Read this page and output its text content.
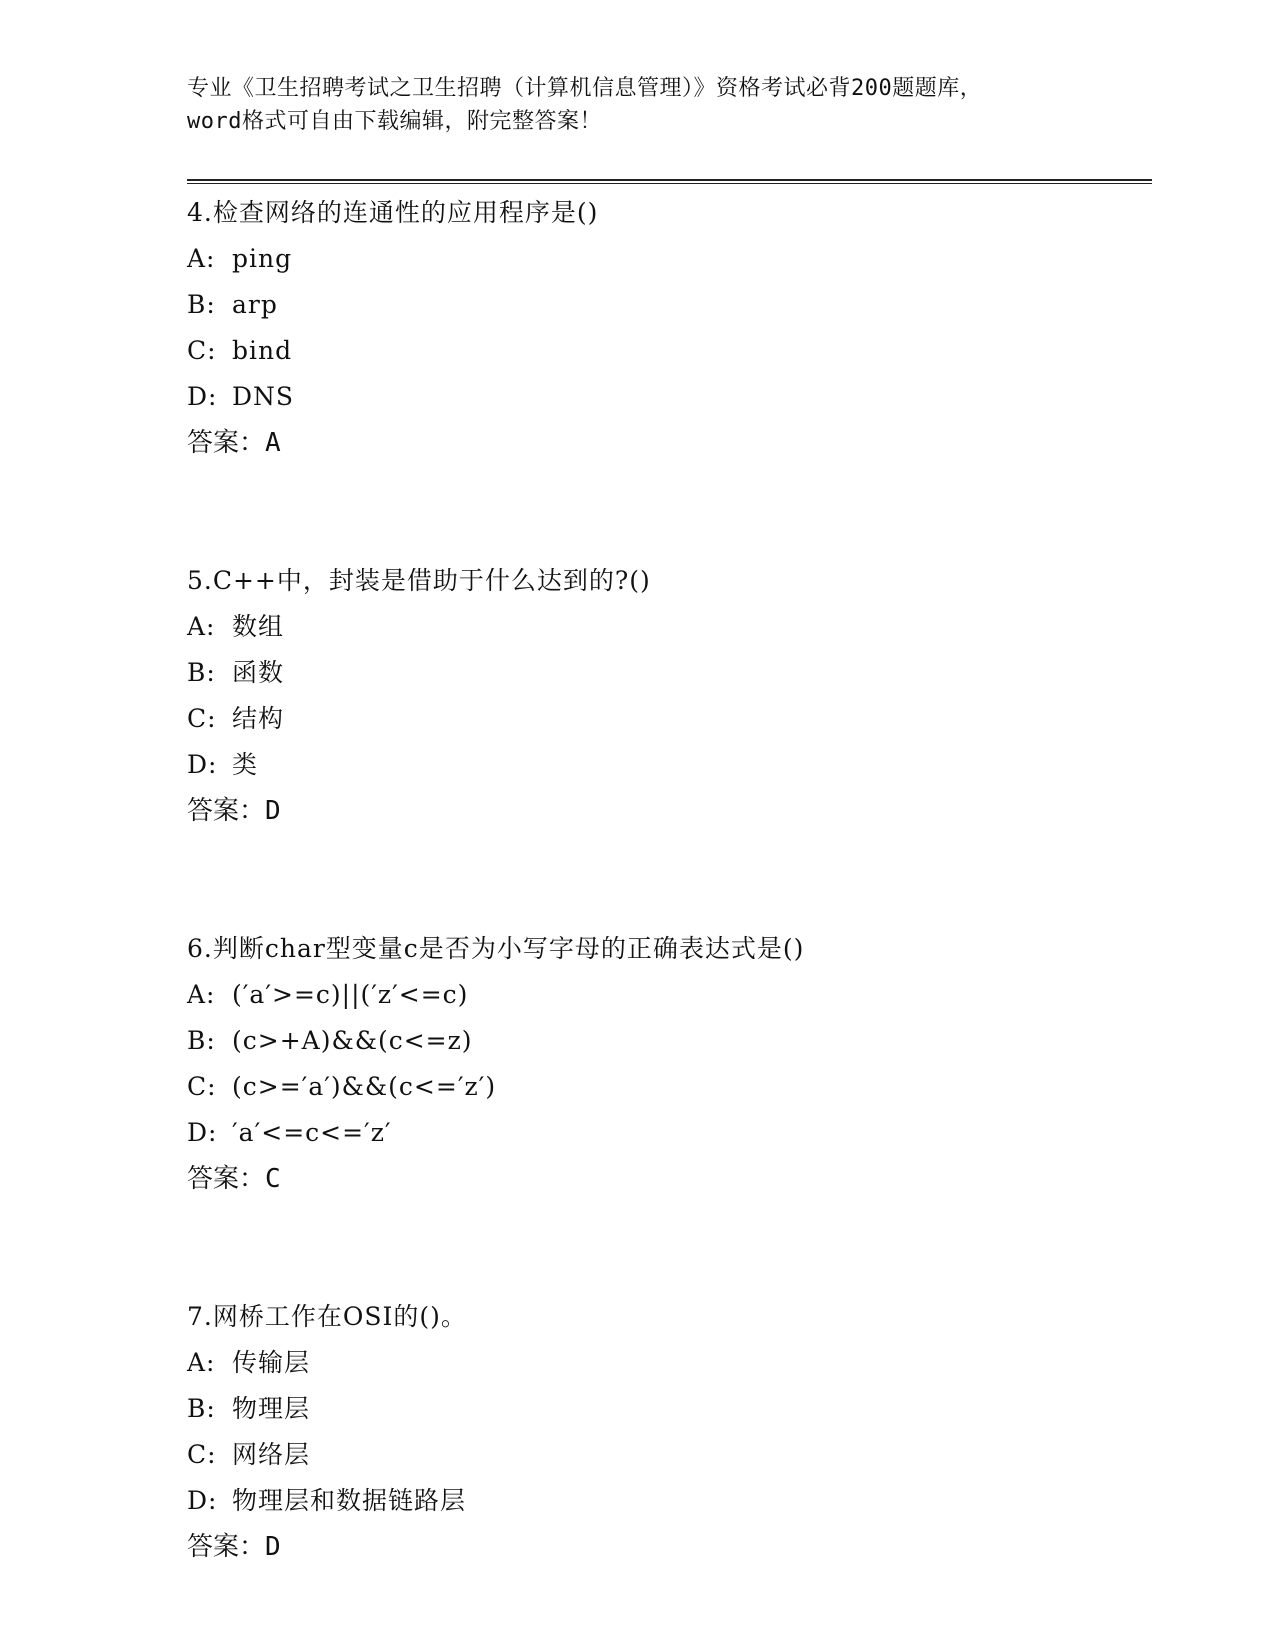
专业《卫生招聘考试之卫生招聘（计算机信息管理）》资格考试必背200题题库，
word格式可自由下载编辑，附完整答案！
4.检查网络的连通性的应用程序是()
A: ping
B: arp
C: bind
D: DNS
答案：A
5.C++中，封装是借助于什么达到的?()
A: 数组
B: 函数
C: 结构
D: 类
答案：D
6.判断char型变量c是否为小写字母的正确表达式是()
A: (′a′>=c)||(′z′<=c)
B: (c>+A)&&(c<=z)
C: (c>=′a′)&&(c<=′z′)
D: ′a′<=c<=′z′
答案：C
7.网桥工作在OSI的()。
A: 传输层
B: 物理层
C: 网络层
D: 物理层和数据链路层
答案：D
